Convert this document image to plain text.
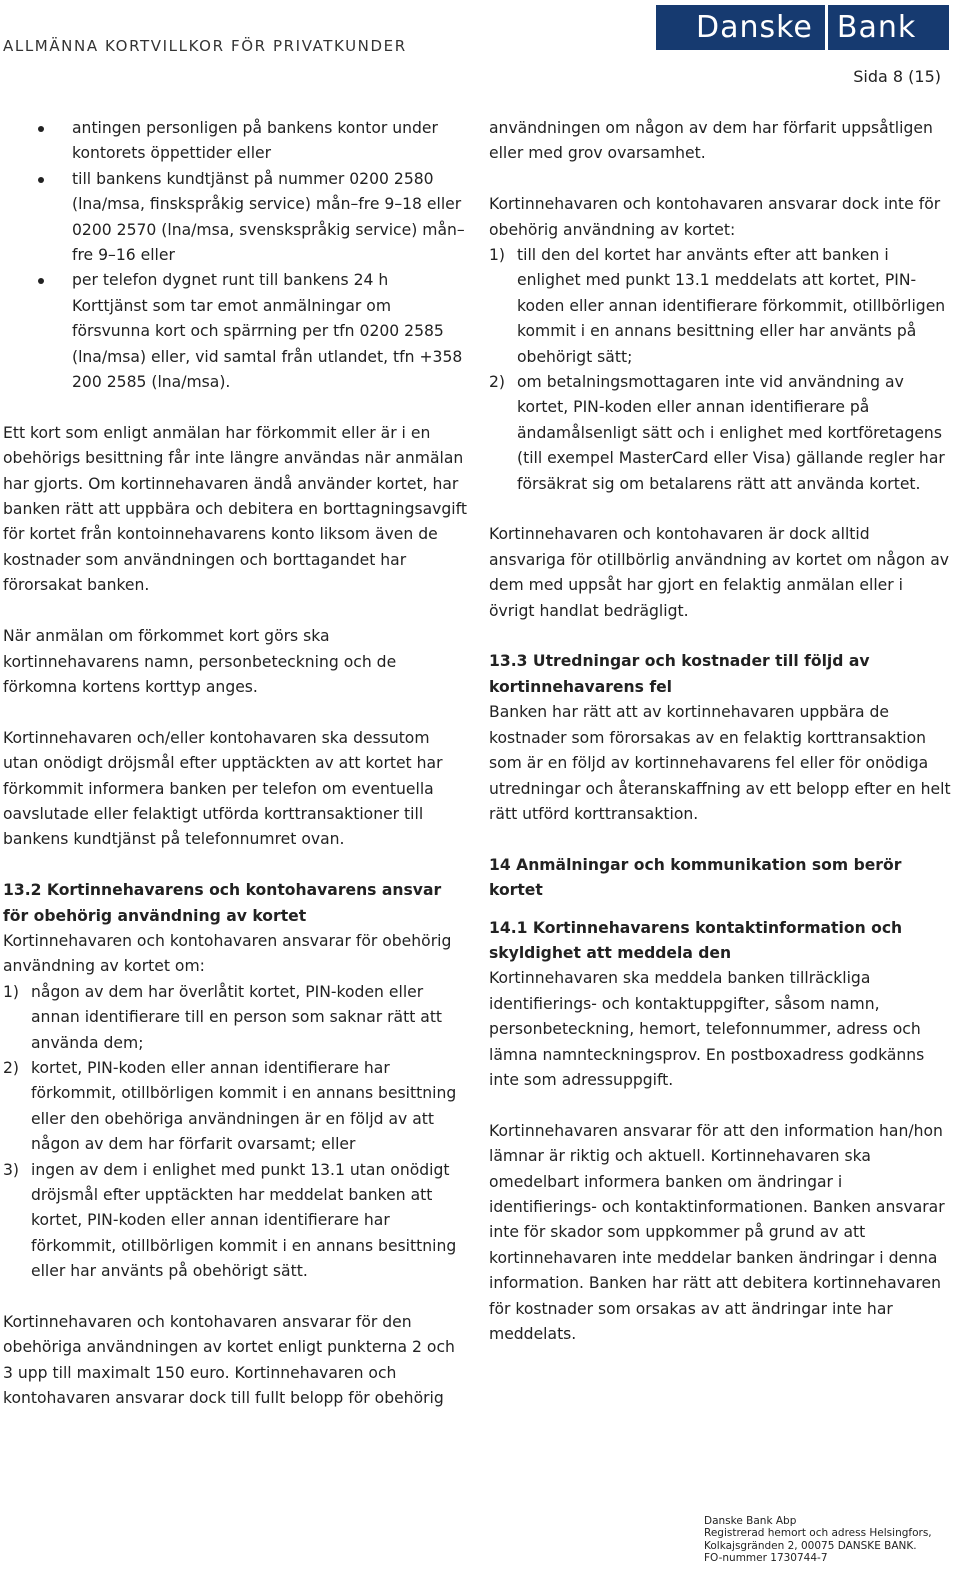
ALLMÄNNA KORTVILLKOR FÖR PRIVATKUNDER
Danske Bank
Sida 8 (15)
antingen personligen på bankens kontor under kontorets öppettider eller
till bankens kundtjänst på nummer 0200 2580 (lna/msa, finskspråkig service) mån–fre 9–18 eller 0200 2570 (lna/msa, svenskspråkig service) mån–fre 9–16 eller
per telefon dygnet runt till bankens 24 h Korttjänst som tar emot anmälningar om försvunna kort och spärrning per tfn 0200 2585 (lna/msa) eller, vid samtal från utlandet, tfn +358 200 2585 (lna/msa).

Ett kort som enligt anmälan har förkommit eller är i en obehörigs besittning får inte längre användas när anmälan har gjorts. Om kortinnehavaren ändå använder kortet, har banken rätt att uppbära och debitera en borttagningsavgift för kortet från kontoinnehavarens konto liksom även de kostnader som användningen och borttagandet har förorsakat banken.

När anmälan om förkommet kort görs ska kortinnehavarens namn, personbeteckning och de förkomna kortens korttyp anges.

Kortinnehavaren och/eller kontohavaren ska dessutom utan onödigt dröjsmål efter upptäckten av att kortet har förkommit informera banken per telefon om eventuella oavslutade eller felaktigt utförda korttransaktioner till bankens kundtjänst på telefonnumret ovan.

13.2 Kortinnehavarens och kontohavarens ansvar för obehörig användning av kortet

Kortinnehavaren och kontohavaren ansvarar för obehörig användning av kortet om:

1) någon av dem har överlåtit kortet, PIN-koden eller annan identifierare till en person som saknar rätt att använda dem;
2) kortet, PIN-koden eller annan identifierare har förkommit, otillbörligen kommit i en annans besittning eller den obehöriga användningen är en följd av att någon av dem har förfarit ovarsamt; eller
3) ingen av dem i enlighet med punkt 13.1 utan onödigt dröjsmål efter upptäckten har meddelat banken att kortet, PIN-koden eller annan identifierare har förkommit, otillbörligen kommit i en annans besittning eller har använts på obehörigt sätt.

Kortinnehavaren och kontohavaren ansvarar för den obehöriga användningen av kortet enligt punkterna 2 och 3 upp till maximalt 150 euro. Kortinnehavaren och kontohavaren ansvarar dock till fullt belopp för obehörig

användningen om någon av dem har förfarit uppsåtligen eller med grov ovarsamhet.

Kortinnehavaren och kontohavaren ansvarar dock inte för obehörig användning av kortet:

1) till den del kortet har använts efter att banken i enlighet med punkt 13.1 meddelats att kortet, PIN-koden eller annan identifierare förkommit, otillbörligen kommit i en annans besittning eller har använts på obehörigt sätt;
2) om betalningsmottagaren inte vid användning av kortet, PIN-koden eller annan identifierare på ändamålsenligt sätt och i enlighet med kortföretagens (till exempel MasterCard eller Visa) gällande regler har försäkrat sig om betalarens rätt att använda kortet.

Kortinnehavaren och kontohavaren är dock alltid ansvariga för otillbörlig användning av kortet om någon av dem med uppsåt har gjort en felaktig anmälan eller i övrigt handlat bedrägligt.

13.3 Utredningar och kostnader till följd av kortinnehavarens fel

Banken har rätt att av kortinnehavaren uppbära de kostnader som förorsakas av en felaktig korttransaktion som är en följd av kortinnehavarens fel eller för onödiga utredningar och återanskaffning av ett belopp efter en helt rätt utförd korttransaktion.

14 Anmälningar och kommunikation som berör kortet
14.1 Kortinnehavarens kontaktinformation och skyldighet att meddela den

Kortinnehavaren ska meddela banken tillräckliga identifierings- och kontaktuppgifter, såsom namn, personbeteckning, hemort, telefonnummer, adress och lämna namnteckningsprov. En postboxadress godkänns inte som adressuppgift.

Kortinnehavaren ansvarar för att den information han/hon lämnar är riktig och aktuell. Kortinnehavaren ska omedelbart informera banken om ändringar i identifierings- och kontaktinformationen. Banken ansvarar inte för skador som uppkommer på grund av att kortinnehavaren inte meddelar banken ändringar i denna information. Banken har rätt att debitera kortinnehavaren för kostnader som orsakas av att ändringar inte har meddelats.

Danske Bank Abp
Registrerad hemort och adress Helsingfors,
Kolkajsgränden 2, 00075 DANSKE BANK.
FO-nummer 1730744-7
